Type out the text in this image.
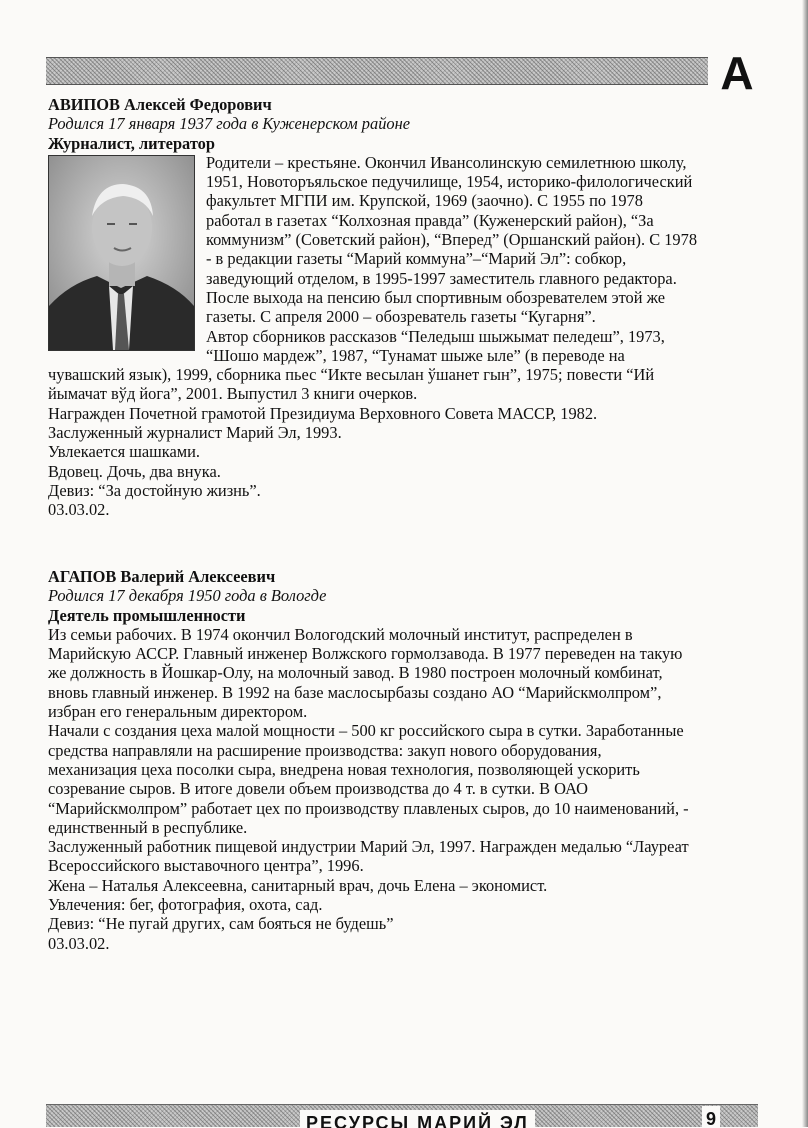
А

АВИПОВ Алексей Федорович

Родился 17 января 1937 года в Куженерском районе

Журналист, литератор

Родители – крестьяне. Окончил Ивансолинскую семилетнюю школу,
1951, Новоторъяльское педучилище, 1954, историко-филологический
факультет МГПИ им. Крупской, 1969 (заочно). С 1955 по 1978
работал в газетах “Колхозная правда” (Куженерский район), “За
коммунизм” (Советский район), “Вперед” (Оршанский район). С 1978
- в редакции газеты “Марий коммуна”–“Марий Эл”: собкор,
заведующий отделом, в 1995-1997 заместитель главного редактора.
После выхода на пенсию был спортивным обозревателем этой же
газеты. С апреля 2000 – обозреватель газеты “Кугарня”.
Автор сборников рассказов “Пеледыш шыжымат пеледеш”, 1973,
“Шошо мардеж”, 1987, “Тунамат шыже ыле” (в переводе на
чувашский язык), 1999, сборника пьес “Икте весылан ўшанет гын”, 1975; повести “Ий
йымачат вўд йога”, 2001. Выпустил 3 книги очерков.
Награжден Почетной грамотой Президиума Верховного Совета МАССР, 1982.
Заслуженный журналист Марий Эл, 1993.
Увлекается шашками.
Вдовец. Дочь, два внука.
Девиз: “За достойную жизнь”.
03.03.02.

АГАПОВ Валерий Алексеевич

Родился 17 декабря 1950 года в Вологде

Деятель промышленности

Из семьи рабочих. В 1974 окончил Вологодский молочный институт, распределен в
Марийскую АССР. Главный инженер Волжского гормолзавода. В 1977 переведен на такую
же должность в Йошкар-Олу, на молочный завод. В 1980 построен молочный комбинат,
вновь главный инженер. В 1992 на базе маслосырбазы создано АО “Марийскмолпром”,
избран его генеральным директором.
Начали с создания цеха малой мощности – 500 кг российского сыра в сутки. Заработанные
средства направляли на расширение производства: закуп нового оборудования,
механизация цеха посолки сыра, внедрена новая технология, позволяющей ускорить
созревание сыров. В итоге довели объем производства до 4 т. в сутки. В ОАО
“Марийскмолпром” работает цех по производству плавленых сыров, до 10 наименований, -
единственный в республике.
Заслуженный работник пищевой индустрии Марий Эл, 1997. Награжден медалью “Лауреат
Всероссийского выставочного центра”, 1996.
Жена – Наталья Алексеевна, санитарный врач, дочь Елена – экономист.
Увлечения: бег, фотография, охота, сад.
Девиз: “Не пугай других, сам бояться не будешь”
03.03.02.
РЕСУРСЫ МАРИЙ ЭЛ	9
